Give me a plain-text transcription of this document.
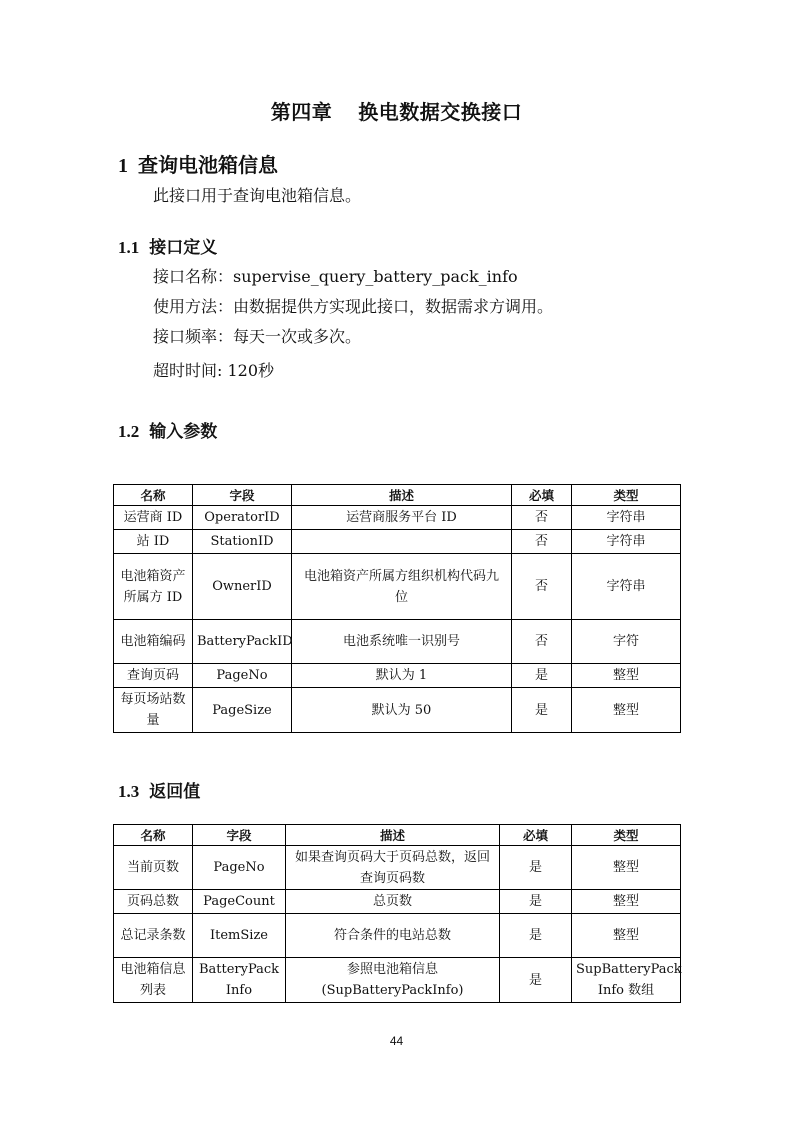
第四章 换电数据交换接口
1 查询电池箱信息
此接口用于查询电池箱信息。
1.1 接口定义
接口名称：supervise_query_battery_pack_info
使用方法：由数据提供方实现此接口，数据需求方调用。
接口频率：每天一次或多次。
超时时间: 120秒
1.2 输入参数
名称	字段	描述	必填	类型
运营商 ID	OperatorID	运营商服务平台 ID	否	字符串
站 ID	StationID		否	字符串
电池箱资产所属方 ID	OwnerID	电池箱资产所属方组织机构代码九位	否	字符串
电池箱编码	BatteryPackID	电池系统唯一识别号	否	字符
查询页码	PageNo	默认为 1	是	整型
每页场站数量	PageSize	默认为 50	是	整型
1.3 返回值
名称	字段	描述	必填	类型
当前页数	PageNo	如果查询页码大于页码总数，返回查询页码数	是	整型
页码总数	PageCount	总页数	是	整型
总记录条数	ItemSize	符合条件的电站总数	是	整型
电池箱信息列表	BatteryPackInfo	参照电池箱信息 (SupBatteryPackInfo)	是	SupBatteryPack Info 数组
44
